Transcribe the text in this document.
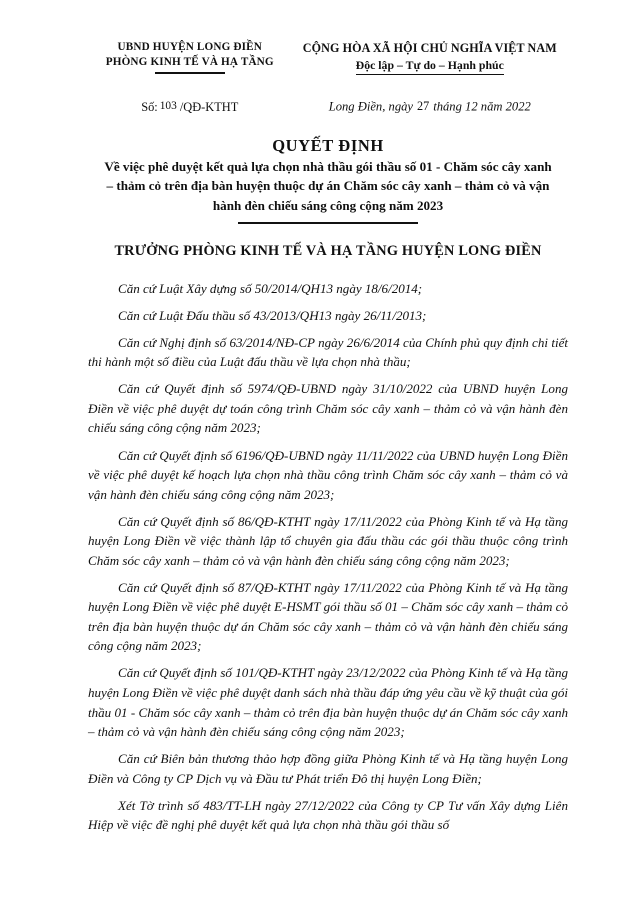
UBND HUYỆN LONG ĐIỀN
PHÒNG KINH TẾ VÀ HẠ TẦNG
CỘNG HÒA XÃ HỘI CHỦ NGHĨA VIỆT NAM
Độc lập – Tự do – Hạnh phúc
Số: 103 /QĐ-KTHT	Long Điền, ngày 27 tháng 12 năm 2022
QUYẾT ĐỊNH
Về việc phê duyệt kết quả lựa chọn nhà thầu gói thầu số 01 - Chăm sóc cây xanh – thảm cỏ trên địa bàn huyện thuộc dự án Chăm sóc cây xanh – thảm cỏ và vận hành đèn chiếu sáng công cộng năm 2023
TRƯỞNG PHÒNG KINH TẾ VÀ HẠ TẦNG HUYỆN LONG ĐIỀN

Căn cứ Luật Xây dựng số 50/2014/QH13 ngày 18/6/2014;

Căn cứ Luật Đấu thầu số 43/2013/QH13 ngày 26/11/2013;

Căn cứ Nghị định số 63/2014/NĐ-CP ngày 26/6/2014 của Chính phủ quy định chi tiết thi hành một số điều của Luật đấu thầu về lựa chọn nhà thầu;

Căn cứ Quyết định số 5974/QĐ-UBND ngày 31/10/2022 của UBND huyện Long Điền về việc phê duyệt dự toán công trình Chăm sóc cây xanh – thảm cỏ và vận hành đèn chiếu sáng công cộng năm 2023;

Căn cứ Quyết định số 6196/QĐ-UBND ngày 11/11/2022 của UBND huyện Long Điền về việc phê duyệt kế hoạch lựa chọn nhà thầu công trình Chăm sóc cây xanh – thảm cỏ và vận hành đèn chiếu sáng công cộng năm 2023;

Căn cứ Quyết định số 86/QĐ-KTHT ngày 17/11/2022 của Phòng Kinh tế và Hạ tầng huyện Long Điền về việc thành lập tổ chuyên gia đấu thầu các gói thầu thuộc công trình Chăm sóc cây xanh – thảm cỏ và vận hành đèn chiếu sáng công cộng năm 2023;

Căn cứ Quyết định số 87/QĐ-KTHT ngày 17/11/2022 của Phòng Kinh tế và Hạ tầng huyện Long Điền về việc phê duyệt E-HSMT gói thầu số 01 – Chăm sóc cây xanh – thảm cỏ trên địa bàn huyện thuộc dự án Chăm sóc cây xanh – thảm cỏ và vận hành đèn chiếu sáng công cộng năm 2023;

Căn cứ Quyết định số 101/QĐ-KTHT ngày 23/12/2022 của Phòng Kinh tế và Hạ tầng huyện Long Điền về việc phê duyệt danh sách nhà thầu đáp ứng yêu cầu về kỹ thuật của gói thầu 01 - Chăm sóc cây xanh – thảm cỏ trên địa bàn huyện thuộc dự án Chăm sóc cây xanh – thảm cỏ và vận hành đèn chiếu sáng công cộng năm 2023;

Căn cứ Biên bản thương thảo hợp đồng giữa Phòng Kinh tế và Hạ tầng huyện Long Điền và Công ty CP Dịch vụ và Đầu tư Phát triển Đô thị huyện Long Điền;

Xét Tờ trình số 483/TT-LH ngày 27/12/2022 của Công ty CP Tư vấn Xây dựng Liên Hiệp về việc đề nghị phê duyệt kết quả lựa chọn nhà thầu gói thầu số
